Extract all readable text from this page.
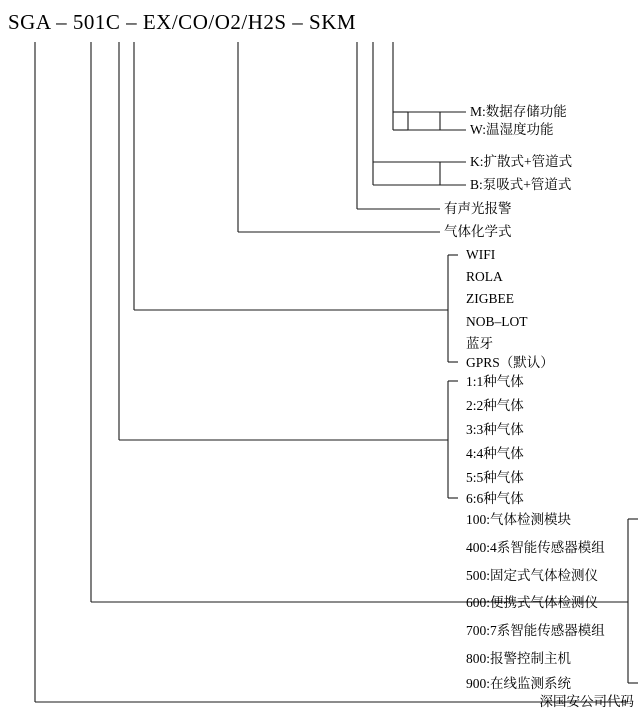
SGA – 501C – EX/CO/O2/H2S – SKM
M:数据存储功能
W:温湿度功能
K:扩散式+管道式
B:泵吸式+管道式
有声光报警
气体化学式
WIFI
ROLA
ZIGBEE
NOB–LOT
蓝牙
GPRS（默认）
1:1种气体
2:2种气体
3:3种气体
4:4种气体
5:5种气体
6:6种气体
100:气体检测模块
400:4系智能传感器模组
500:固定式气体检测仪
600:便携式气体检测仪
700:7系智能传感器模组
800:报警控制主机
900:在线监测系统
深国安公司代码
